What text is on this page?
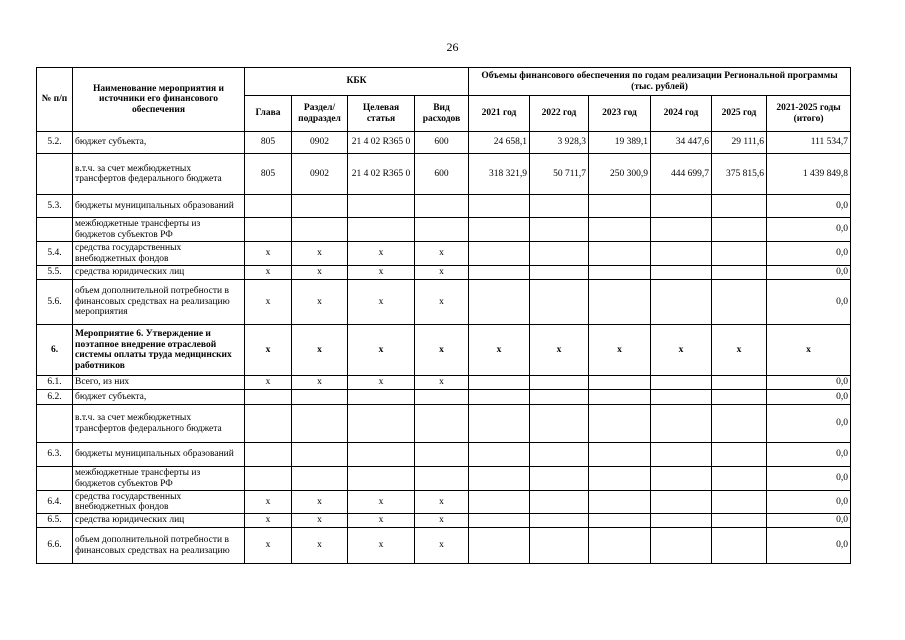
26
№ п/п	Наименование мероприятия и источники его финансового обеспечения	КБК				Объемы финансового обеспечения по годам реализации Региональной программы (тыс. рублей)					
		Глава	Раздел/ подраздел	Целевая статья	Вид расходов	2021 год	2022 год	2023 год	2024 год	2025 год	2021-2025 годы (итого)
5.2.	бюджет субъекта,	805	0902	21 4 02 R365 0	600	24 658,1	3 928,3	19 389,1	34 447,6	29 111,6	111 534,7
	в.т.ч. за счет межбюджетных трансфертов федерального бюджета	805	0902	21 4 02 R365 0	600	318 321,9	50 711,7	250 300,9	444 699,7	375 815,6	1 439 849,8
5.3.	бюджеты муниципальных образований										0,0
	межбюджетные трансферты из бюджетов субъектов РФ										0,0
5.4.	средства государственных внебюджетных фондов	х	х	х	х						0,0
5.5.	средства юридических лиц	х	х	х	х						0,0
5.6.	объем дополнительной потребности в финансовых средствах на реализацию мероприятия	х	х	х	х						0,0
6.	Мероприятие 6. Утверждение и поэтапное внедрение отраслевой системы оплаты труда медицинских работников	х	х	х	х	х	х	х	х	х	х
6.1.	Всего, из них	х	х	х	х						0,0
6.2.	бюджет субъекта,										0,0
	в.т.ч. за счет межбюджетных трансфертов федерального бюджета										0,0
6.3.	бюджеты муниципальных образований										0,0
	межбюджетные трансферты из бюджетов субъектов РФ										0,0
6.4.	средства государственных внебюджетных фондов	х	х	х	х						0,0
6.5.	средства юридических лиц	х	х	х	х						0,0
6.6.	объем дополнительной потребности в финансовых средствах на реализацию	х	х	х	х						0,0
